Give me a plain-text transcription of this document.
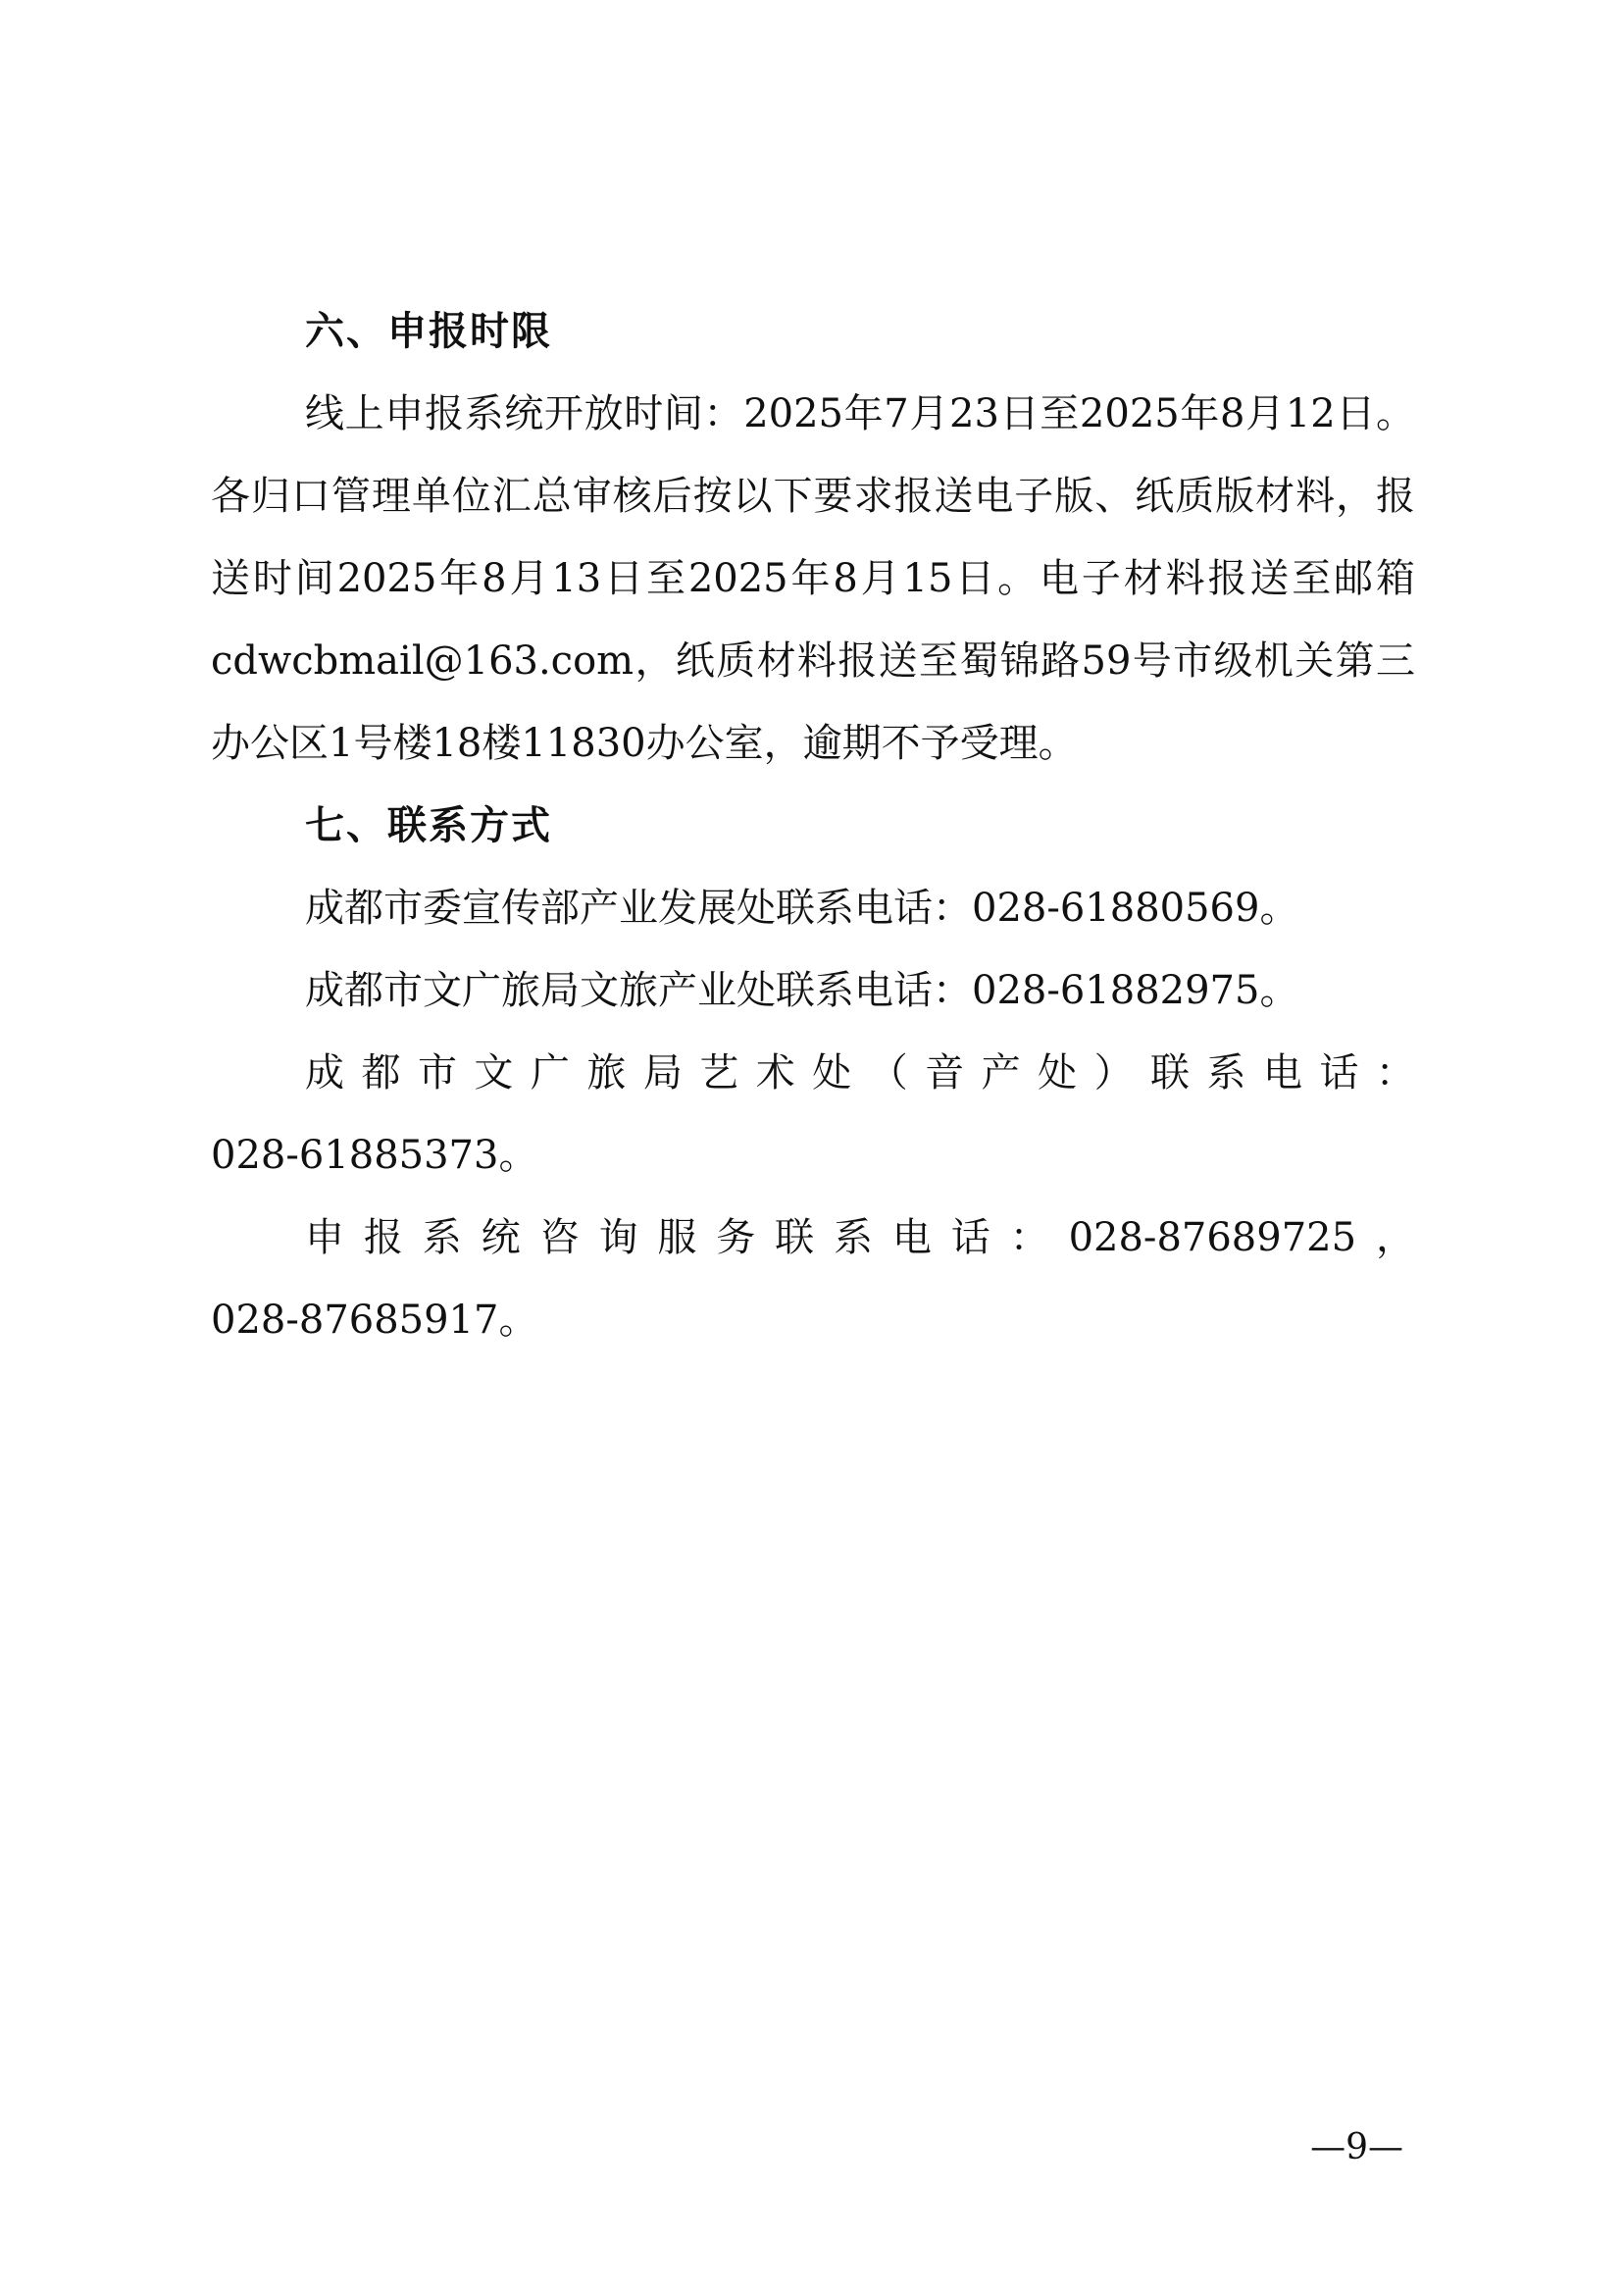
六、申报时限

线上申报系统开放时间：2025年7月23日至2025年8月12日。各归口管理单位汇总审核后按以下要求报送电子版、纸质版材料，报送时间2025年8月13日至2025年8月15日。电子材料报送至邮箱cdwcbmail@163.com，纸质材料报送至蜀锦路59号市级机关第三办公区1号楼18楼11830办公室，逾期不予受理。

七、联系方式
成都市委宣传部产业发展处联系电话：028-61880569。
成都市文广旅局文旅产业处联系电话：028-61882975。
成 都 市 文 广 旅 局 艺 术 处 （ 音 产 处 ） 联 系 电 话 ：
028-61885373。
申 报 系 统 咨 询 服 务 联 系 电 话 ： 028-87689725 ，
028-87685917。
—9—
